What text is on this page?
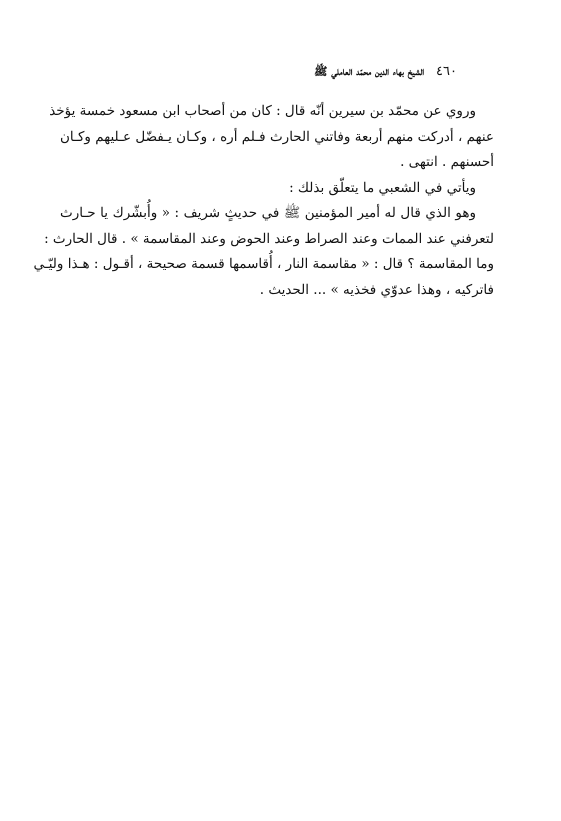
٤٦٠ الشيخ بهاء الدين محمّد العاملي ﷺ
وروي عن محمّد بن سيرين أنّه قال : كان من أصحاب ابن مسعود خمسة يؤخذ
عنهم ، أدركت منهم أربعة وفاتني الحارث فـلم أره ، وكـان يـفضّل عـليهم وكـان
أحسنهم . انتهى .
ويأتي في الشعبي ما يتعلّق بذلك :
وهو الذي قال له أمير المؤمنين ﷺ في حديثٍ شريف : « وأُبشّرك يا حـارث
لتعرفني عند الممات وعند الصراط وعند الحوض وعند المقاسمة » . قال الحارث :
وما المقاسمة ؟ قال : « مقاسمة النار ، أُقاسمها قسمة صحيحة ، أقـول : هـذا وليّـي
فاتركيه ، وهذا عدوّي فخذيه » ... الحديث .
